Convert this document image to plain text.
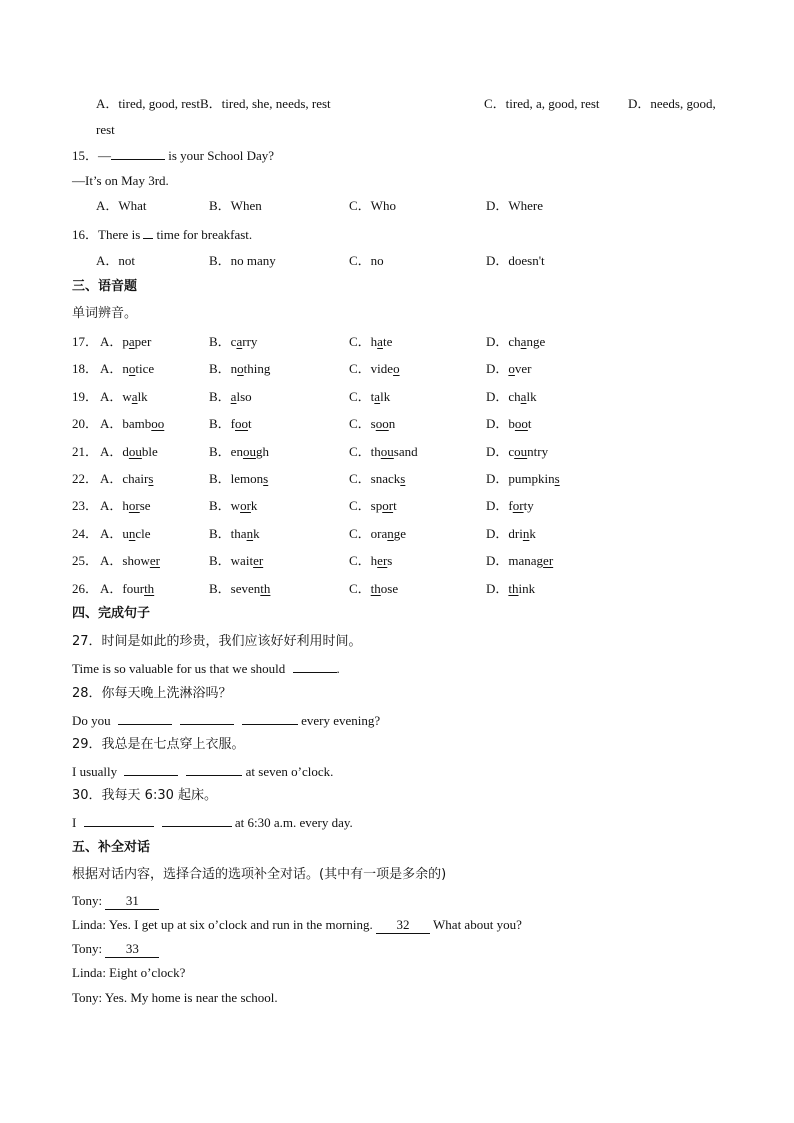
A．tired, good, restB．tired, she, needs, rest	C．tired, a, good, rest D．needs, good,
rest
15．—	is your School Day?
—It’s on May 3rd.
A．What	B．When	C．Who	D．Where
16．There is time for breakfast.
A．not	B．no many	C．no	D．doesn't
三、语音题
单词辨音。
17． A．paper	B．carry	C．hate	D．change
18． A．notice	B．nothing	C．video	D．over
19． A．walk	B．also	C．talk	D．chalk
20． A．bamboo	B．foot	C．soon	D．boot
21． A．double	B．enough	C．thousand	D．country
22． A．chairs	B．lemons	C．snacks	D．pumpkins
23． A．horse	B．work	C．sport	D．forty
24． A．uncle	B．thank	C．orange	D．drink
25． A．shower	B．waiter	C．hers	D．manager
26． A．fourth	B．seventh	C．those	D．think
四、完成句子
27．时间是如此的珍贵，我们应该好好利用时间。
Time is so valuable for us that we should	.
28．你每天晚上洗淋浴吗？
Do you	every evening?
29．我总是在七点穿上衣服。
I usually	at seven o’clock.
30．我每天 6:30 起床。
I	at 6:30 a.m. every day.
五、补全对话
根据对话内容，选择合适的选项补全对话。(其中有一项是多余的)
Tony: 31
Linda: Yes. I get up at six o’clock and run in the morning. 32 What about you?
Tony: 33
Linda: Eight o’clock?
Tony: Yes. My home is near the school.
